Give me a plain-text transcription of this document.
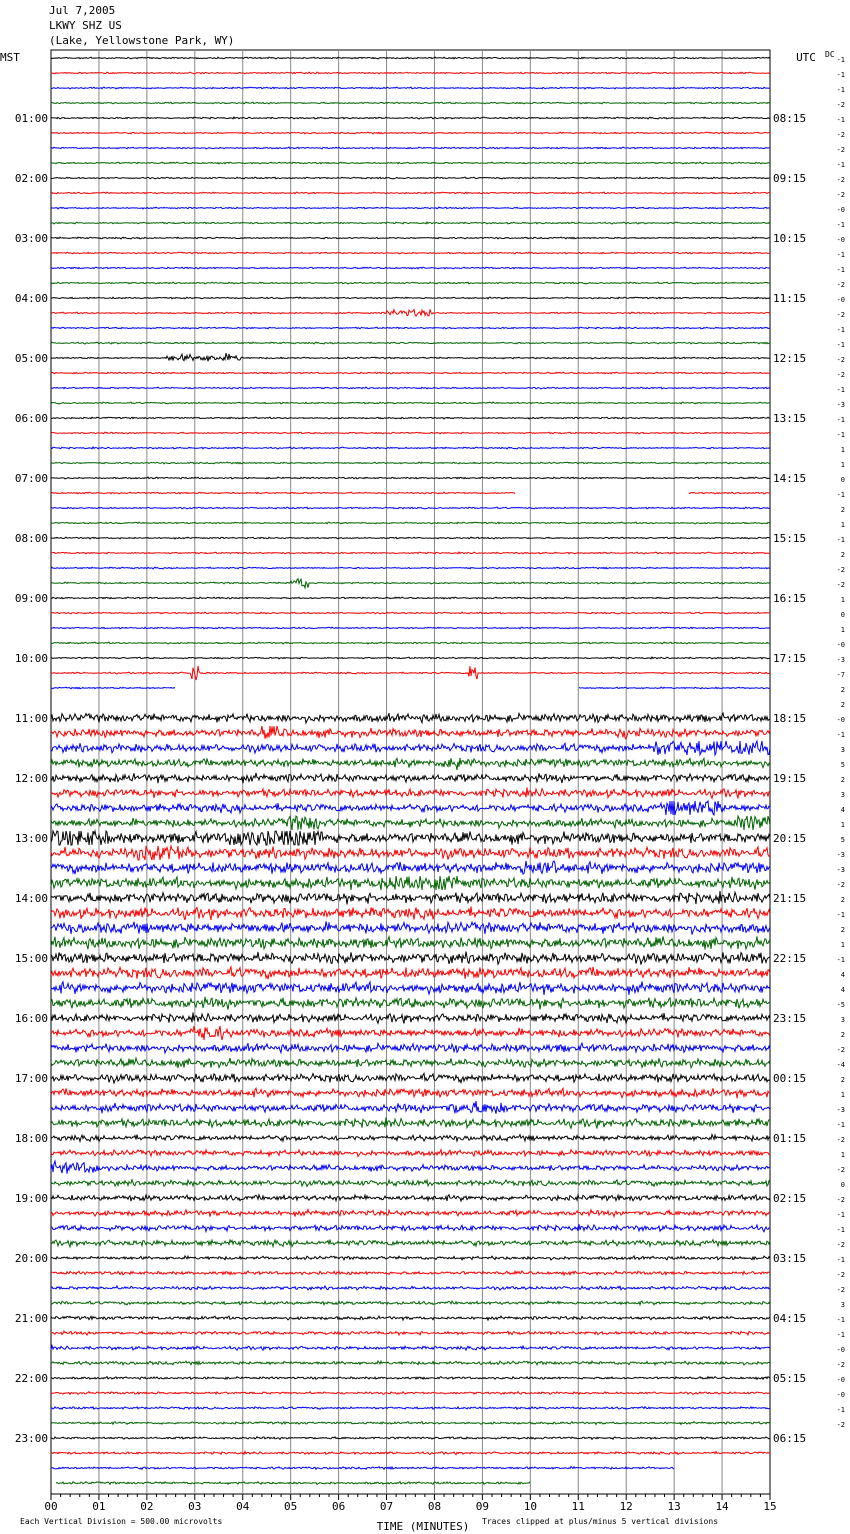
Jul 7,2005
LKWY SHZ US
(Lake, Yellowstone Park, WY)
MST	UTC DC
01:00
02:00
03:00
04:00
05:00
06:00
07:00
08:00
09:00
10:00
11:00
12:00
13:00
14:00
15:00
16:00
17:00
18:00
19:00
20:00
21:00
22:00
23:00
08:15
09:15
10:15
11:15
12:15
13:15
14:15
15:15
16:15
17:15
18:15
19:15
20:15
21:15
22:15
23:15
00:15
01:15
02:15
03:15
04:15
05:15
06:15
-1
-1
-1
-2
-1
-2
-2
-1
-2
-2
-0
-1
-0
-1
-1
-2
-0
-2
-1
-1
-2
-2
-1
-3
-1
-1
1
1
0
-1
2
1
-1
2
-2
-2
1
0
1
-0
-3
-7
2
2
-0
-1
3
5
2
3
4
1
5
-3
-3
-2
2
-1
2
1
-1
4
4
-5
3
2
-2
-4
2
1
-3
-1
-2
1
-2
0
-2
-1
-1
-2
-1
-2
-2
3
-1
-1
-0
-2
-0
-0
-1
-2
00	01	02	03	04	05	06	07	08	09	10	11	12	13	14	15
TIME (MINUTES)
Each Vertical Division = 500.00 microvolts	Traces clipped at plus/minus 5 vertical divisions
